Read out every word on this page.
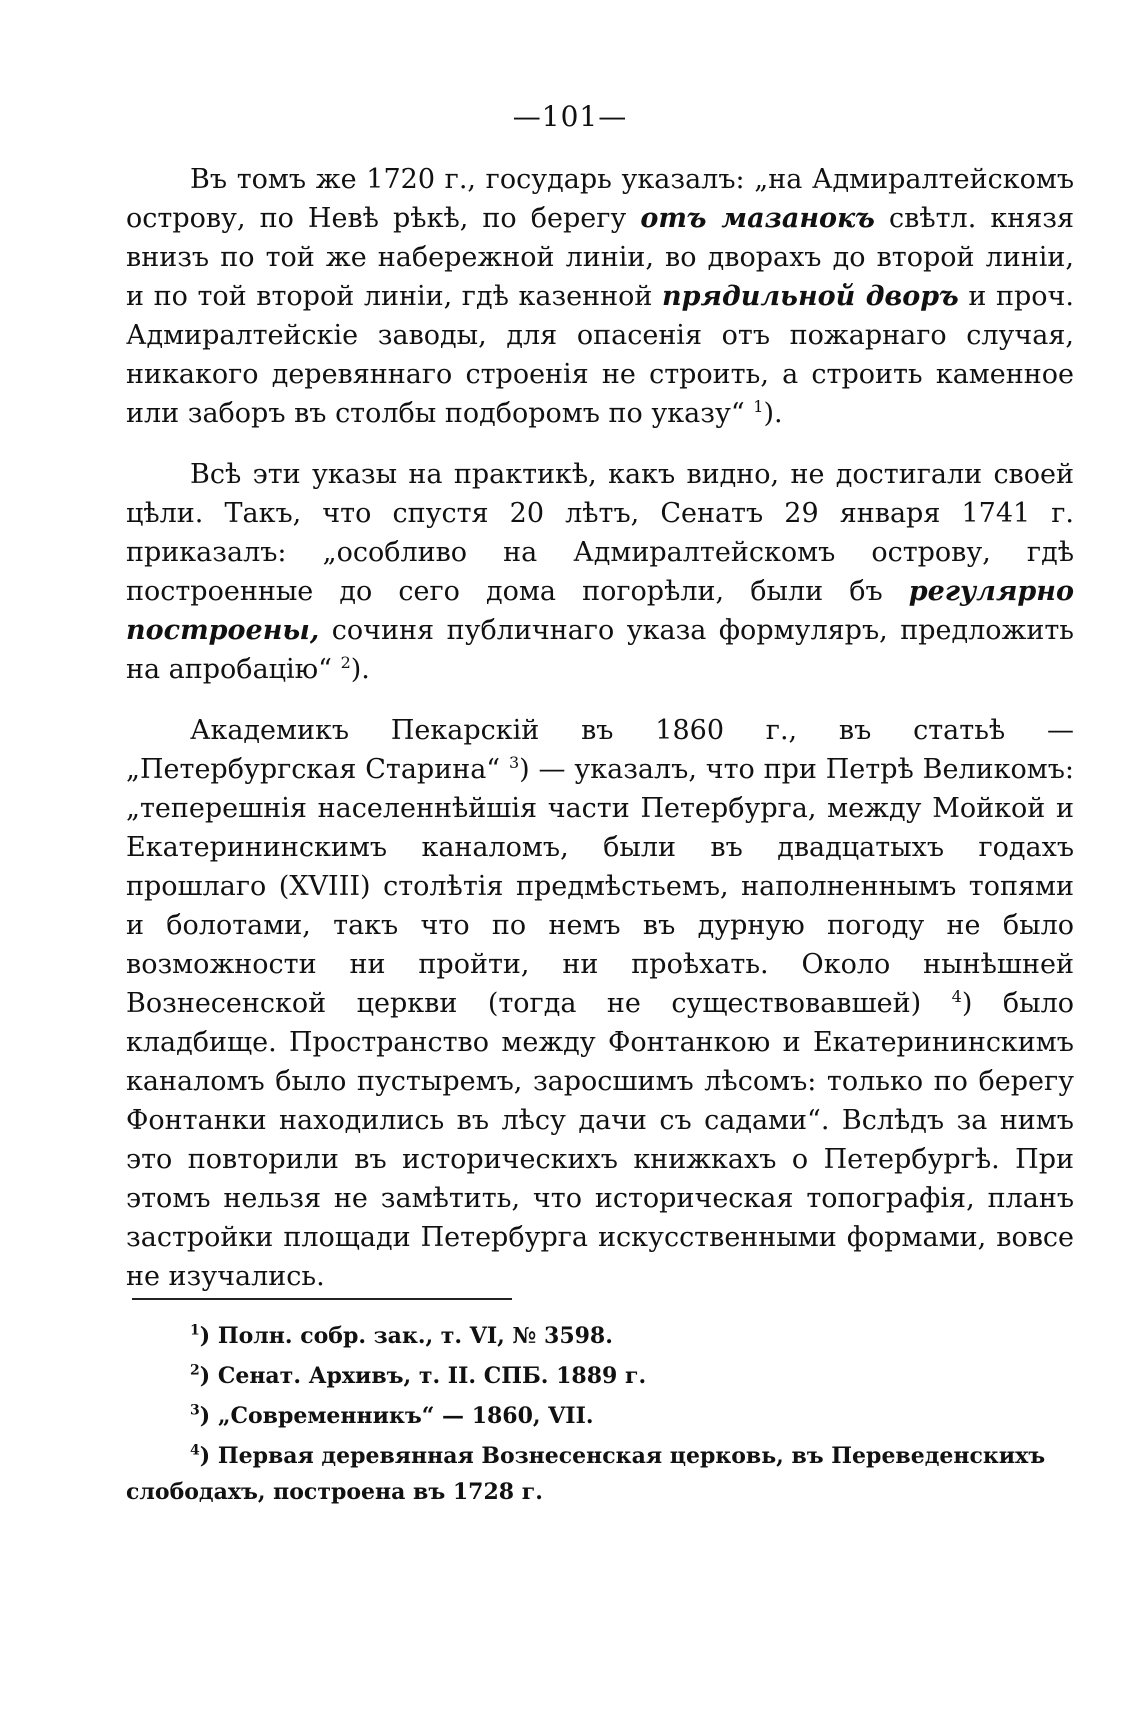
—101—

Въ томъ же 1720 г., государь указалъ: „на Адмиралтейскомъ острову, по Невѣ рѣкѣ, по берегу отъ мазанокъ свѣтл. князя внизъ по той же набережной линіи, во дворахъ до второй линіи, и по той второй линіи, гдѣ казенной прядильной дворъ и проч. Адмиралтейскіе заводы, для опасенія отъ пожарнаго случая, никакого деревяннаго строенія не строить, а строить каменное или заборъ въ столбы подборомъ по указу“ $^1$).

Всѣ эти указы на практикѣ, какъ видно, не достигали своей цѣли. Такъ, что спустя 20 лѣтъ, Сенатъ 29 января 1741 г. приказалъ: „особливо на Адмиралтейскомъ острову, гдѣ построенные до сего дома погорѣли, были бъ регулярно построены, сочиня публичнаго указа формуляръ, предложить на апробацію“ $^2$).

Академикъ Пекарскій въ 1860 г., въ статьѣ — „Петербургская Старина“ $^3$) — указалъ, что при Петрѣ Великомъ: „теперешнія населеннѣйшія части Петербурга, между Мойкой и Екатерининскимъ каналомъ, были въ двадцатыхъ годахъ прошлаго (XVIII) столѣтія предмѣстьемъ, наполненнымъ топями и болотами, такъ что по немъ въ дурную погоду не было возможности ни пройти, ни проѣхать. Около нынѣшней Вознесенской церкви (тогда не существовавшей) $^4$) было кладбище. Пространство между Фонтанкою и Екатерининскимъ каналомъ было пустыремъ, заросшимъ лѣсомъ: только по берегу Фонтанки находились въ лѣсу дачи съ садами“. Вслѣдъ за нимъ это повторили въ историческихъ книжкахъ о Петербургѣ. При этомъ нельзя не замѣтить, что историческая топографія, планъ застройки площади Петербурга искусственными формами, вовсе не изучались.

$^1$) Полн. собр. зак., т. VI, № 3598.

$^2$) Сенат. Архивъ, т. II. СПБ. 1889 г.

$^3$) „Современникъ“ — 1860, VII.

$^4$) Первая деревянная Вознесенская церковь, въ Переведенскихъ слободахъ, построена въ 1728 г.
